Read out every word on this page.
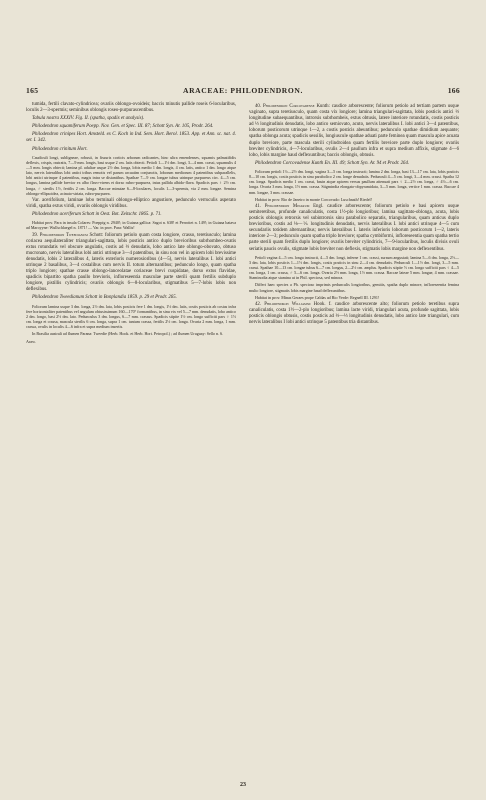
165	ARACEAE: PHILODENDRON.	166

tumida, fertili clavato-cylindricea; ovariis oblongo-ovoideis; baccis minutis pallide roseis 6-locularibus, loculis 2—3-spermis; seminibus oblongis roseo-purpurascentibus.

Tabula nostra XXXIV. Fig. II. (spatha, spadix et analysis).

Philodendron squamiferum Poepp. Nov. Gen. et Spec. III. 87; Schott Syn. Ar. 105, Prodr. 264.

Philodendron crinipes Hort. Amsteld. ex C. Koch in Ind. Sem. Hort. Berol. 1853. App. et Ann. sc. nat. 4. ser. I. 342.

Philodendron crinitum Hort.

Caudiculi longi, subligneae, robusti, in fissuris corticis arborum radicantes, hinc ultra emendenses, squamis palmatifidis deflexis, crispis, rastratis, 7—9 mm. longis, basi usque 2 cm. latis obtecti. Petioli 1—1½ dm. longi, 3—4 mm. crassi, squamulis 4—5 mm. longis obtecti; lamina pl. adultae usque 2½ dm. longa, lobis medio 1 dm. longis, 4 cm. latis, antico 1 dm. longo atque lato, nervis lateralibus lobi antici tribus remotis vel parum arcuatim conjunctis, loborum mediorum 4 patentibus subparallelis, lobi antici utrinque 4 patentibus, magis intra se distantibus. Spathae 7—9 cm. longae tubus utrinque purpureus circ. 4—5 cm. longus, lamina pallide brevior ex albo flavo-virens et dorso rubro-purpurea, intus pallida albido-flava. Spadicis pars ♀ 2½ cm. longa, ♂ sterilis 1½, fertilis 2 cm. longa. Baccae minutae 6—8-loculares, loculis 1—3-spermis, via 2 mm. longae. Semina oblongo-ellipsoidea, acinato-striata, rubro-purpurea.

Var. acerifolium, laminae lobo terminali oblongo-elliptico angustiore, pedunculo verruculis asperato viridi, spatha extus viridi, ovariis oblongis viridibus.

Philodendron aceriferum Schott in Oest. Bot. Zeitschr. 1865. p. 71.

Habitat prov. Para in insula Colares: Poeppig n. 2940!; in Guiana gallica: Sagot n. 638! et Perrottet n. 149!; in Guiana batava ad Maroyyne: Wullschlaegel n. 1871! — Var. in prov. Para: Wallis!

39. Philodendron Tweedianum Schott: foliorum petiolo quam costa longiore, crasso, teretiusculo; lamina coriacea aequilateraliter triangulari-sagittata, lobis posticis antico duplo brevioribus subrhombeo-ovatis extus rotundatis vel obscure angulatis, costis ad ⅓ denudatis, lobo antico late oblongo-obovato, obtuso mucronato, nervis lateralibus lobi antici utrinque 3—4 patentibus, in sinu non vel in apicem lobi brevissime denudatis, lobis 2 lateralibus 4, lateris exterioris numerosioribus (4—5), nervis lateralibus I. lobi antici utrinque 2 basalibus, 3—4 costalibus cum nervis II. totum alternantibus; pedunculo longo, quam spatha triplo longiore; spathae crasse oblongo-lanceolatae coriaceae brevi cuspidatae, dorso extus flavidae, spadicis bipartito spatha paullo brevioris, infloreseentia masculae parte sterili quam fertilis subduplo longiore, pistillis cylindricis; ovariis oblongis 6—8-locularibus, stigmatibus 5—7-lobis lobis non deflexibus.

Philodendron Tweedianum Schott in Bonplandia 1859. p. 29 et Prodr. 265.

Foliorum lamina usque 3 dm. longa, 2½ dm. lata, lobis posticis fere 1 dm. longis, 1½ dm. latis, costis posticis ab costas infra fere horizontaliter patentibus vel angulum obtusissimum 160—170° formantibus, in sinu vix vel 5—7 mm. denudatis, lobo antico 2 dm. longo, basi 2½ dm. lato. Pedunculus 3 dm. longus, 6—7 mm. crassus. Spadicis stipite 1½ cm. longo sufficiti pars ♀ 1⅓ cm. longa et crassa, mascula sterilis 6 cm. longa, supra 1 cm. tantum crassa, fertilis 2½ cm. longa. Ovaria 2 mm. longa, 1 mm. crassa, ovulis in loculis 4—6 infra et supra medium insertis.

In Brasilia australi ad flumen Parana: Tweedie (Herb. Hook. et Herb. Hort. Petropol.) ; ad flumen Uruguay: Sello n. 6.

Araw.

40. Philodendron Corcovadense Kunth: caudice arborescente; foliorum petiolo ad tertiam partem usque vaginato, supra teretiusculo, quam costa vix longiore; lamina triangulari-sagittata, lobis posticis antici ⅓ longitudine subaequantibus, introrsis subrhombeis, extus obtusis, latere interiore rotundatis, costis posticis ad ⅓ longitudinis denudatis, lobo antico semiovato, acuto, nervis lateralibus I. lobi antici 3—4 patentibus, loborum posticorum utrinque 1—2, a costis posticis abeuntibus; pedunculo spathae dimidium aequante; spatha oblonga acuta; spadicis sessilis, longiuscule spathae aduati parte feminea quam mascula apice acuata duplo breviore, parte mascula sterili cylindroidea quam fertilis breviore parte duplo longiore; ovariis breviter cylindricis, 4—7-locularibus, ovulis 2—4 paullum infra et supra medium affixis, stigmate 4—6 lobo, lobis margine haud deflexuntibus; baccis oblongis, obtusis.

Philodendron Corcovadense Kunth En. III. 49; Schott Syn. Ar. 94 et Prodr. 264.

Foliorum petioli 1½—2½ dm. longi, vagina 3—5 cm. longa instructi; lamina 2 dm. longa, basi 13—17 cm. lata, lobis posticis 8—10 cm. longis, costis posticis in sinu parabolico 2 cm. longe denudatis. Pedunculi 4—5 cm. longi, 3—4 mm. crassi. Spatha 12 cm. longa. Spadicis medio 1 cm. crassi, basin atque apicem versus paullum attenuati pars ♀ 2—2½ cm. longa, ♂ 4½—6 cm. longa. Ovaria 3 mm. longa, 1½ mm. crassa. Stigmindia elongato-obpyramidata, 3—5 mm. longa, vertice 1 mm. crassa. Baccae 4 mm. longae, 3 mm. crassae.

Habitat in prov. Rio de Janeiro in monte Corcovado: Luschnath! Riedel!

41. Philodendron Minarum Engl. caudice arborescente; foliorum petiolo e basi apicem usque semiteretibus, profunde canaliculatis, costa 1½-plo longioribus; lamina sagittato-oblonga, acuta, lobis posticis oblongis retrorsis vel subintrorsis sinu parabolico separatis, triangularibus, quam anticus duplo brevioribus, costis ad ⅛—⅙ longitudinis denudatis, nervis lateralibus I. lobi antici utrinque 4—5 cum secundariis totidem alternantibus; nervis lateralibus I. lateris inferioris loborum posticorum 1—2, lateris interiore 2—3; pedunculo quam spatha triplo breviore; spatha cymbiformi, infloreseentia quam spatha tertio parte sterili quam fertilis duplo longiore; ovariis breviter cylindricis, 7—9-locularibus, loculis divisis ovuli seriatis paucis ovulis, stigmate lobis breviter non deflexis, stigmatis lobis margine non deflexentibus.

Petioli vagina 4—5 cm. longa instructi, 4—5 dm. longi, inferne 1 cm. crassi, sursum angustati; lamina 5—6 dm. longa, 2½—3 dm. lata, lobis posticis 1—1½ dm. longis, costis posticis in sinu 2—4 cm. denudatis. Pedunculi 1—1½ dm. longi, 3—5 mm. crassi. Spathae 10—13 cm. longae tubus 6—7 cm. longus, 2—2½ cm. amplus. Spadicis stipite ⅓ cm. longo sufficiti pars ♀ 4—5 cm. longa, 1 cm. crassa, ♂ 5—6 cm. longa. Ovaria 2½ mm. longa, 1½ mm. crassa. Baccae lateae 5 mm. longae, 4 mm. crassae. Staminodia atque stamina ut in Phil. speciosa, sed minora.

Differt haec species a Ph. specioso imprimis pedunculis longioribus, gemitis, spatha duplo minore, infloreseentia femina multo longiore, stigmatis lobis margine haud deflexuntibus.

Habitat in prov. Minas Geraes prope Caldas ad Rio Verde: Regnell III. 1291!

42. Philodendron Williamsii Hook. f. caudice arborescente alto; foliorum petiolo teretibus supra canaliculatis, costa 1½—2-plo longioribus; lamina lacte viridi, triangulari acuta, profunde sagittata, lobis posticis oblongis obtusis, costis posticis ad ⅓—⅓ longitudinis denudatis, lobo antico late triangulari, cum nervis lateralibus I lobi antici utrinque 5 patentibus tria distantibus.

23
